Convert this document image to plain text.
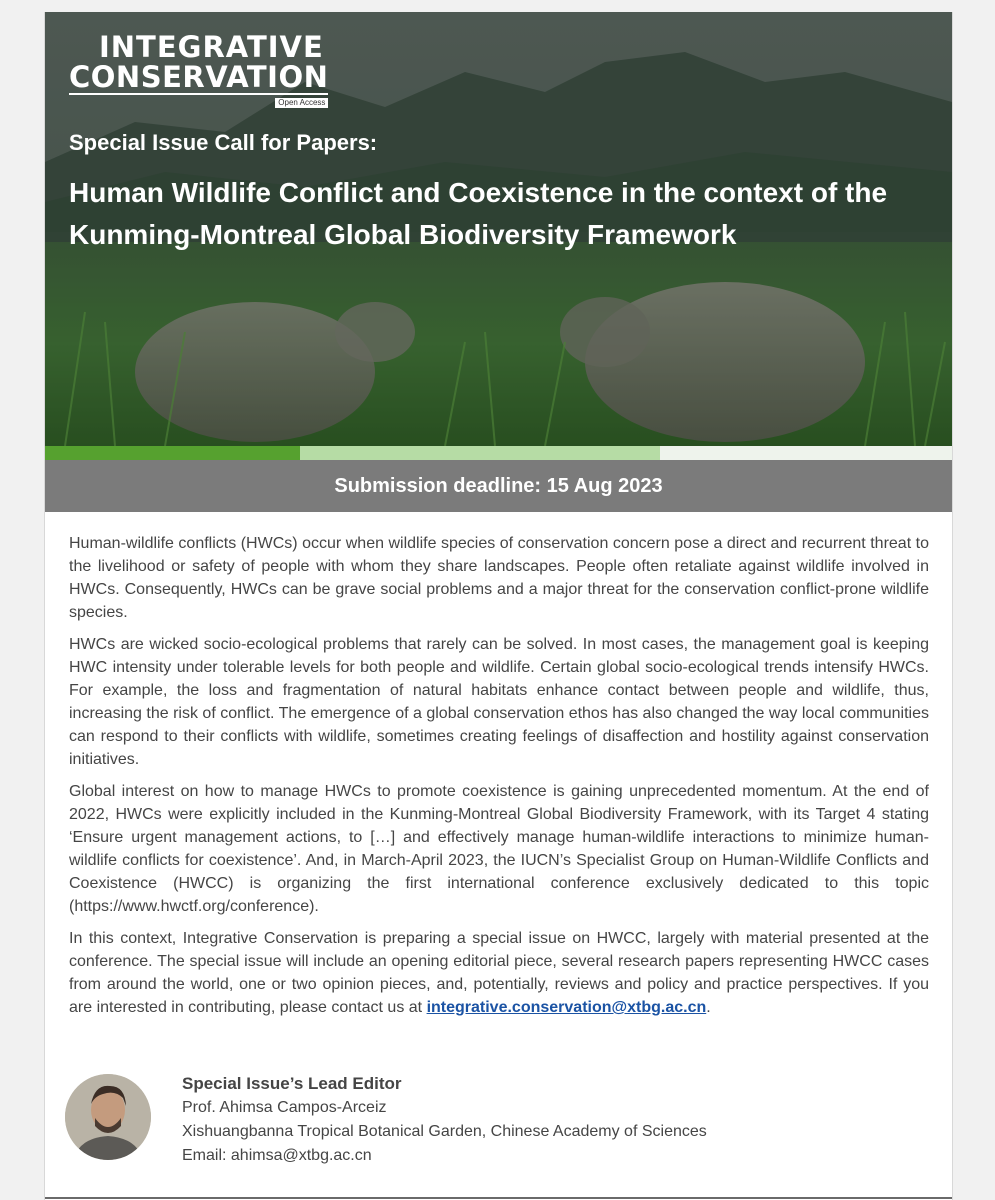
INTEGRATIVE
CONSERVATION
Open Access
Special Issue Call for Papers:
Human Wildlife Conflict and Coexistence in the context of the Kunming-Montreal Global Biodiversity Framework
Submission deadline: 15 Aug 2023

Human-wildlife conflicts (HWCs) occur when wildlife species of conservation concern pose a direct and recurrent threat to the livelihood or safety of people with whom they share landscapes. People often retaliate against wildlife involved in HWCs. Consequently, HWCs can be grave social problems and a major threat for the conservation conflict-prone wildlife species.

HWCs are wicked socio-ecological problems that rarely can be solved. In most cases, the management goal is keeping HWC intensity under tolerable levels for both people and wildlife. Certain global socio-ecological trends intensify HWCs. For example, the loss and fragmentation of natural habitats enhance contact between people and wildlife, thus, increasing the risk of conflict. The emergence of a global conservation ethos has also changed the way local communities can respond to their conflicts with wildlife, sometimes creating feelings of disaffection and hostility against conservation initiatives.

Global interest on how to manage HWCs to promote coexistence is gaining unprecedented momentum. At the end of 2022, HWCs were explicitly included in the Kunming-Montreal Global Biodiversity Framework, with its Target 4 stating ‘Ensure urgent management actions, to […] and effectively manage human-wildlife interactions to minimize human-wildlife conflicts for coexistence’. And, in March-April 2023, the IUCN’s Specialist Group on Human-Wildlife Conflicts and Coexistence (HWCC) is organizing the first international conference exclusively dedicated to this topic (https://www.hwctf.org/conference).

In this context, Integrative Conservation is preparing a special issue on HWCC, largely with material presented at the conference. The special issue will include an opening editorial piece, several research papers representing HWCC cases from around the world, one or two opinion pieces, and, potentially, reviews and policy and practice perspectives. If you are interested in contributing, please contact us at integrative.conservation@xtbg.ac.cn.

Special Issue’s Lead Editor
Prof. Ahimsa Campos-Arceiz
Xishuangbanna Tropical Botanical Garden, Chinese Academy of Sciences
Email: ahimsa@xtbg.ac.cn
